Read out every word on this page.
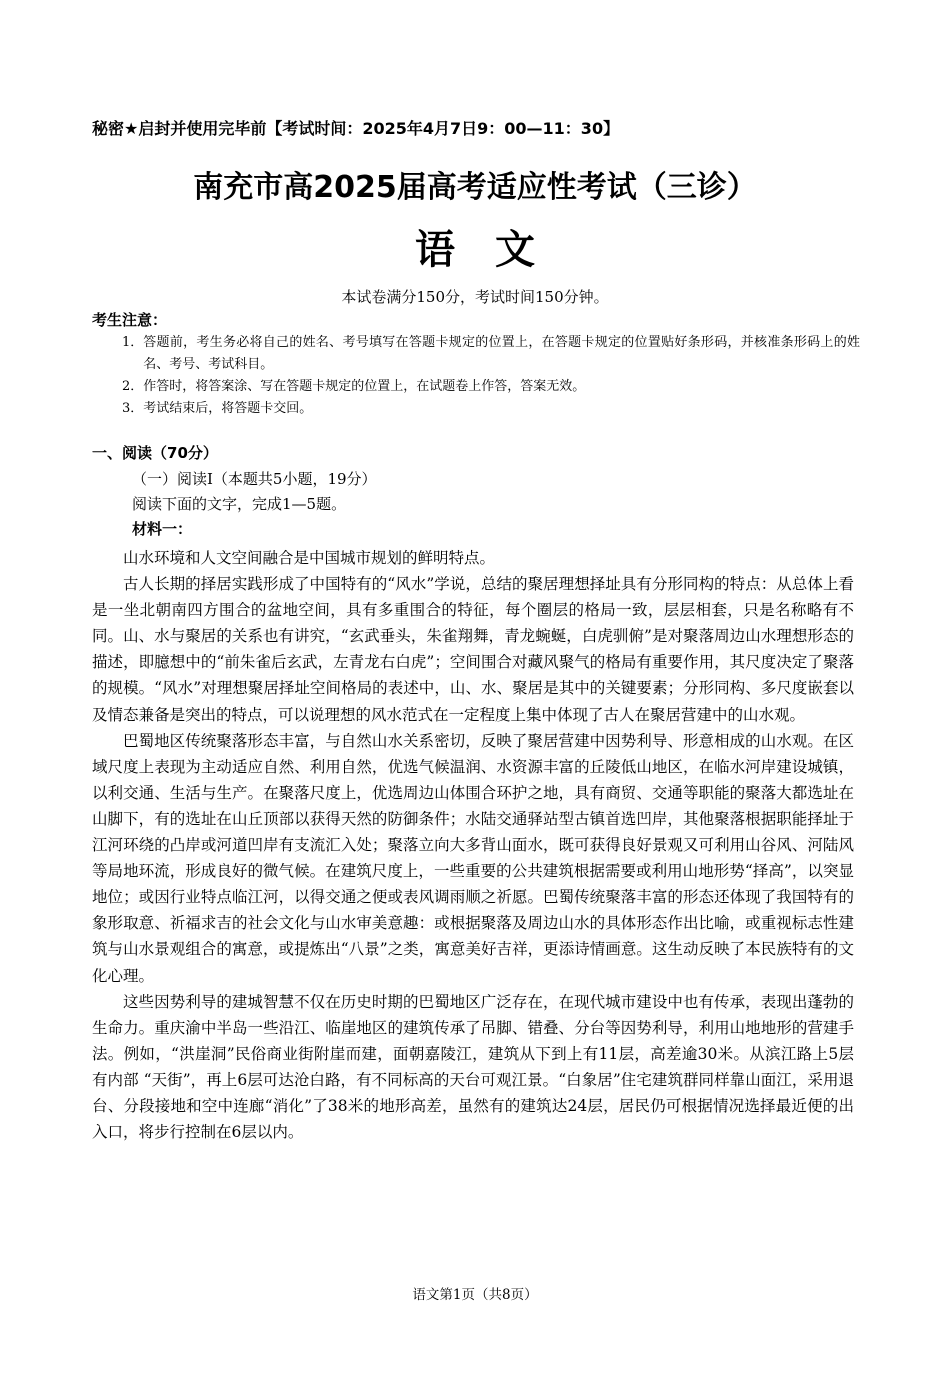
秘密★启封并使用完毕前【考试时间：2025年4月7日9：00—11：30】
南充市高2025届高考适应性考试（三诊）
语文
本试卷满分150分，考试时间150分钟。
考生注意：
1． 答题前，考生务必将自己的姓名、考号填写在答题卡规定的位置上，在答题卡规定的位置贴好条形码，并核准条形码上的姓名、考号、考试科目。
2． 作答时，将答案涂、写在答题卡规定的位置上，在试题卷上作答，答案无效。
3． 考试结束后，将答题卡交回。
一、阅读（70分）
（一）阅读I（本题共5小题，19分）
阅读下面的文字，完成1—5题。
材料一：

山水环境和人文空间融合是中国城市规划的鲜明特点。

古人长期的择居实践形成了中国特有的“风水”学说，总结的聚居理想择址具有分形同构的特点：从总体上看是一坐北朝南四方围合的盆地空间，具有多重围合的特征，每个圈层的格局一致，层层相套，只是名称略有不同。山、水与聚居的关系也有讲究，“玄武垂头，朱雀翔舞，青龙蜿蜒，白虎驯俯”是对聚落周边山水理想形态的描述，即臆想中的“前朱雀后玄武，左青龙右白虎”；空间围合对藏风聚气的格局有重要作用，其尺度决定了聚落的规模。“风水”对理想聚居择址空间格局的表述中，山、水、聚居是其中的关键要素；分形同构、多尺度嵌套以及情态兼备是突出的特点，可以说理想的风水范式在一定程度上集中体现了古人在聚居营建中的山水观。

巴蜀地区传统聚落形态丰富，与自然山水关系密切，反映了聚居营建中因势利导、形意相成的山水观。在区域尺度上表现为主动适应自然、利用自然，优选气候温润、水资源丰富的丘陵低山地区，在临水河岸建设城镇，以利交通、生活与生产。在聚落尺度上，优选周边山体围合环护之地，具有商贸、交通等职能的聚落大都选址在山脚下，有的选址在山丘顶部以获得天然的防御条件；水陆交通驿站型古镇首选凹岸，其他聚落根据职能择址于江河环绕的凸岸或河道凹岸有支流汇入处；聚落立向大多背山面水，既可获得良好景观又可利用山谷风、河陆风等局地环流，形成良好的微气候。在建筑尺度上，一些重要的公共建筑根据需要或利用山地形势“择高”，以突显地位；或因行业特点临江河，以得交通之便或表风调雨顺之祈愿。巴蜀传统聚落丰富的形态还体现了我国特有的象形取意、祈福求吉的社会文化与山水审美意趣：或根据聚落及周边山水的具体形态作出比喻，或重视标志性建筑与山水景观组合的寓意，或提炼出“八景”之类，寓意美好吉祥，更添诗情画意。这生动反映了本民族特有的文化心理。

这些因势利导的建城智慧不仅在历史时期的巴蜀地区广泛存在，在现代城市建设中也有传承，表现出蓬勃的生命力。重庆渝中半岛一些沿江、临崖地区的建筑传承了吊脚、错叠、分台等因势利导，利用山地地形的营建手法。例如，“洪崖洞”民俗商业街附崖而建，面朝嘉陵江，建筑从下到上有11层，高差逾30米。从滨江路上5层有内部 “天街”，再上6层可达沧白路，有不同标高的天台可观江景。“白象居”住宅建筑群同样靠山面江，采用退台、分段接地和空中连廊“消化”了38米的地形高差，虽然有的建筑达24层，居民仍可根据情况选择最近便的出入口，将步行控制在6层以内。

语文第1页（共8页）
